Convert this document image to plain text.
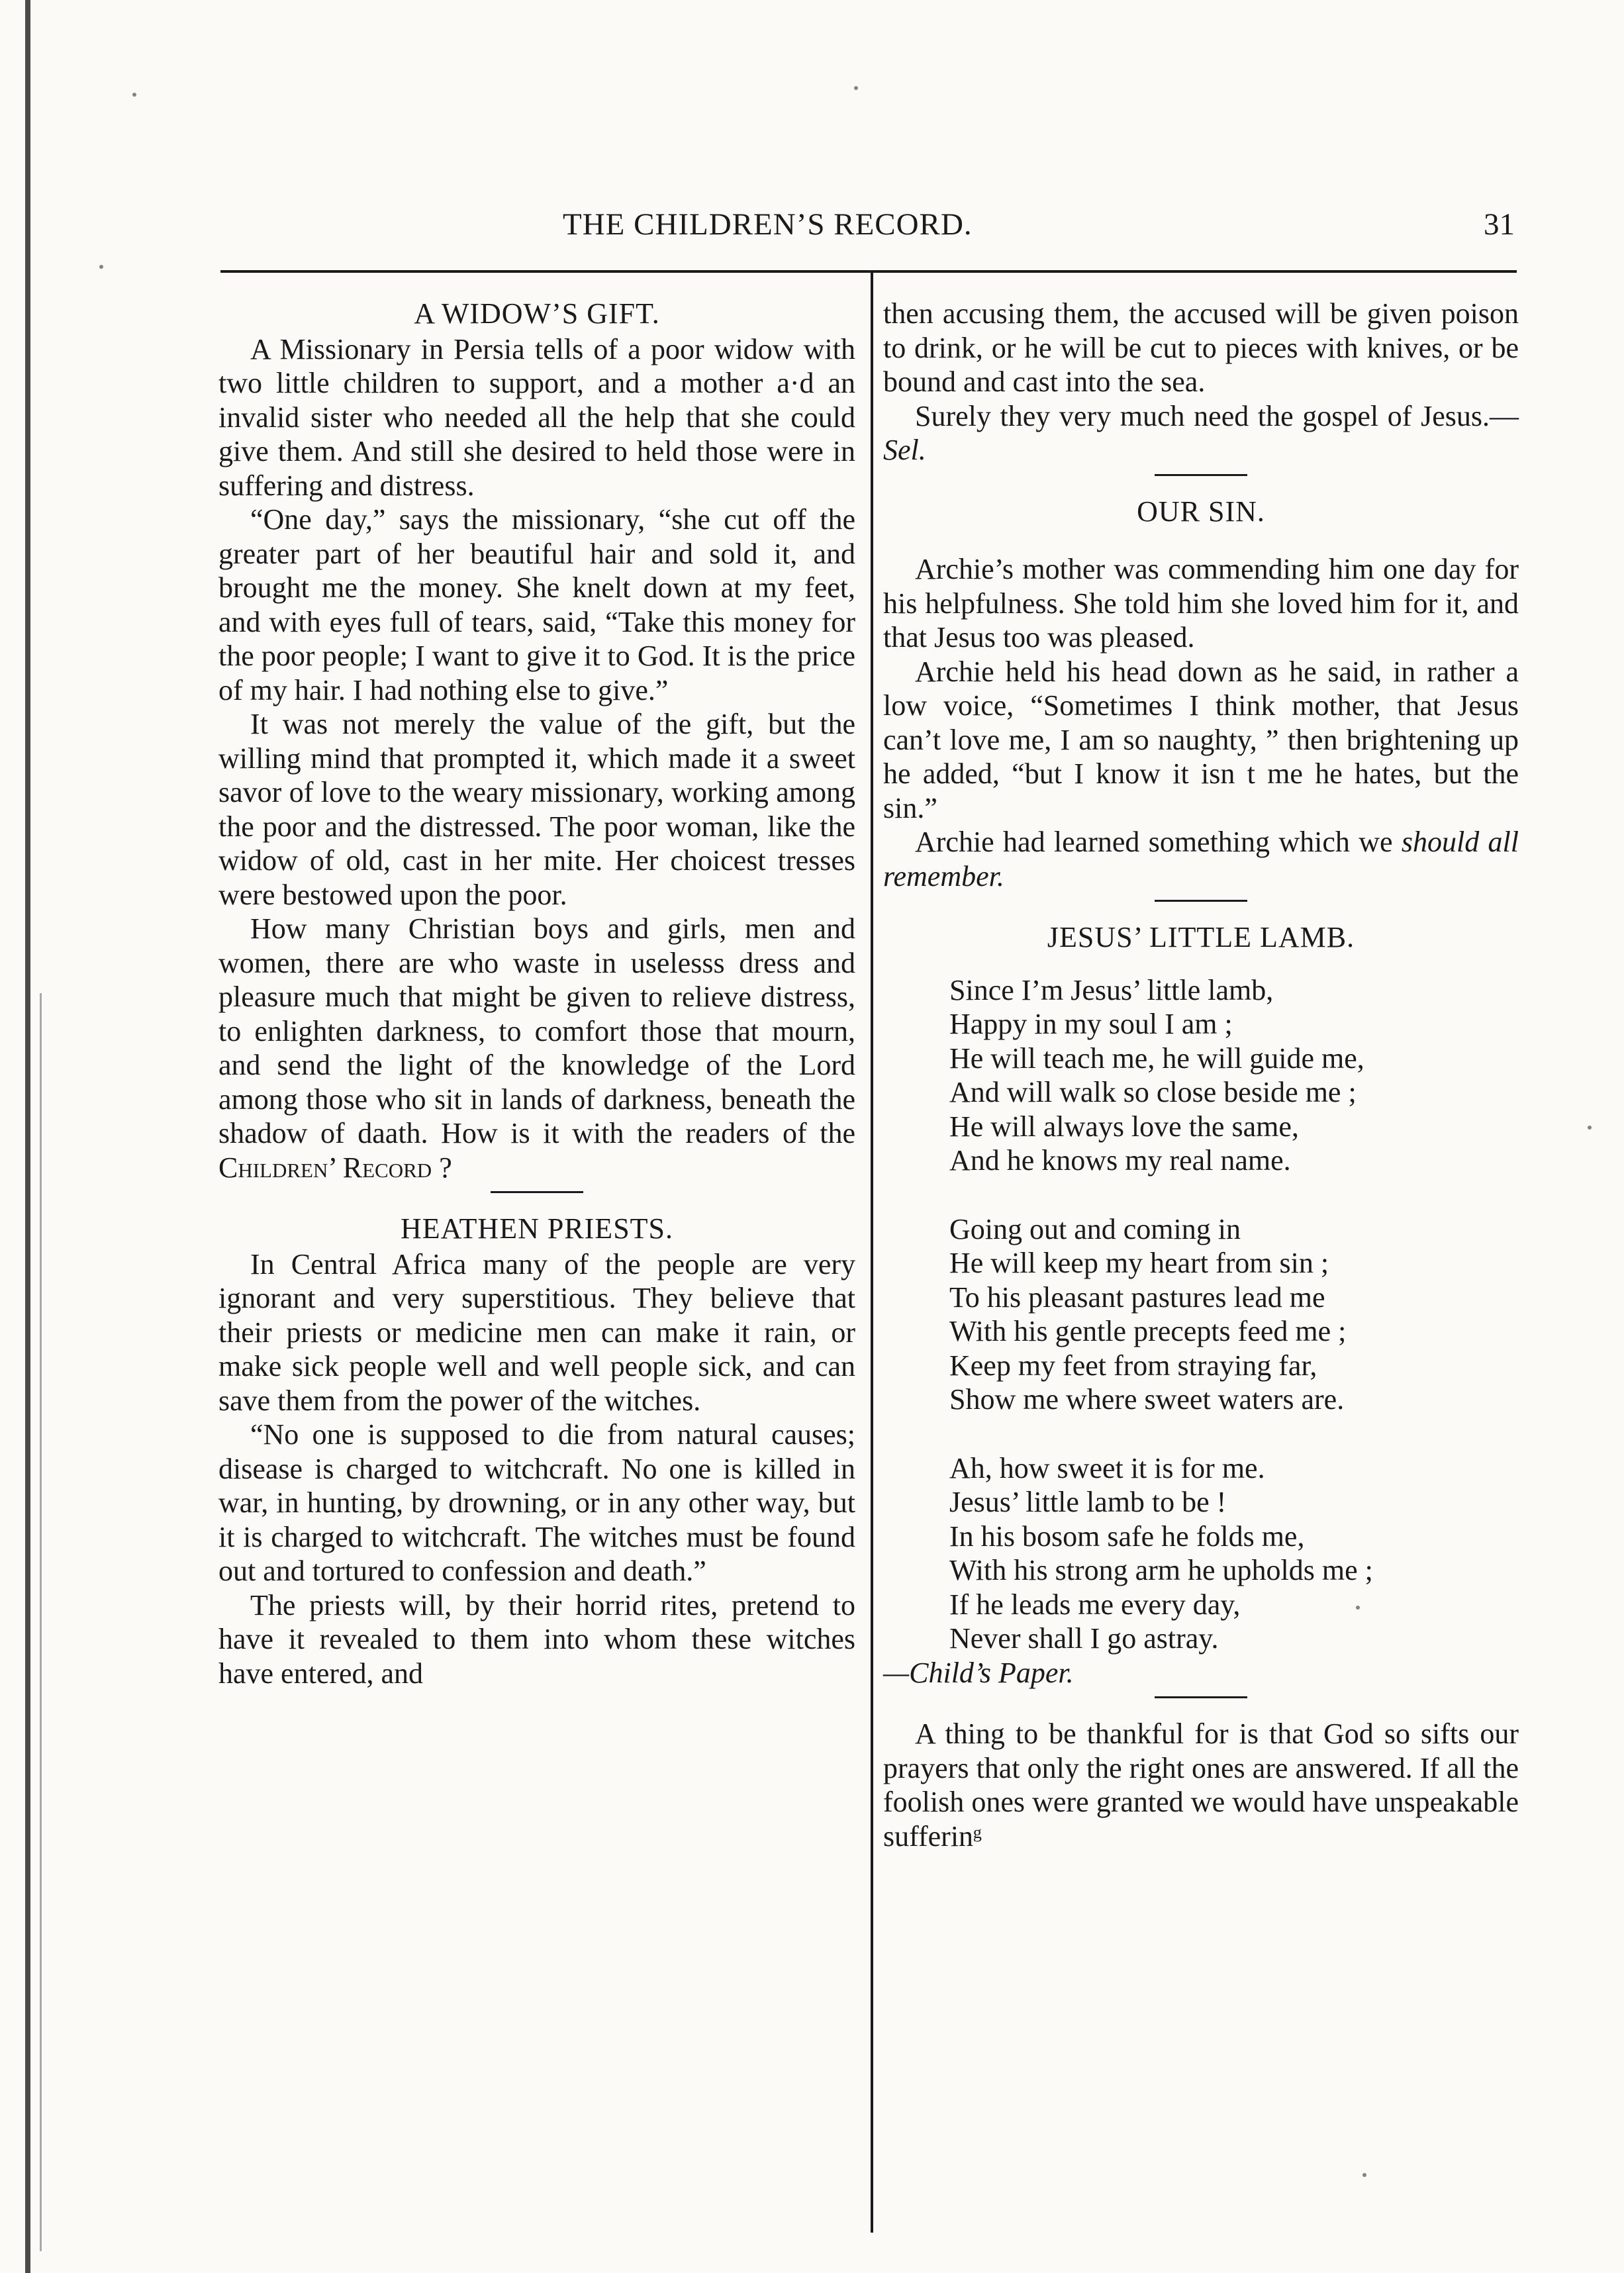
THE CHILDREN’S RECORD.	31
A WIDOW’S GIFT.

A Missionary in Persia tells of a poor widow with two little children to support, and a mother a·d an invalid sister who needed all the help that she could give them. And still she desired to held those were in suffering and distress.

“One day,” says the missionary, “she cut off the greater part of her beautiful hair and sold it, and brought me the money. She knelt down at my feet, and with eyes full of tears, said, “Take this money for the poor people; I want to give it to God. It is the price of my hair. I had nothing else to give.”

It was not merely the value of the gift, but the willing mind that prompted it, which made it a sweet savor of love to the weary missionary, working among the poor and the distressed. The poor woman, like the widow of old, cast in her mite. Her choicest tresses were bestowed upon the poor.

How many Christian boys and girls, men and women, there are who waste in uselesss dress and pleasure much that might be given to relieve distress, to enlighten darkness, to comfort those that mourn, and send the light of the knowledge of the Lord among those who sit in lands of darkness, beneath the shadow of daath. How is it with the readers of the Children’ Record ?

HEATHEN PRIESTS.

In Central Africa many of the people are very ignorant and very superstitious. They believe that their priests or medicine men can make it rain, or make sick people well and well people sick, and can save them from the power of the witches.

“No one is supposed to die from natural causes; disease is charged to witchcraft. No one is killed in war, in hunting, by drowning, or in any other way, but it is charged to witchcraft. The witches must be found out and tortured to confession and death.”

The priests will, by their horrid rites, pretend to have it revealed to them into whom these witches have entered, and

then accusing them, the accused will be given poison to drink, or he will be cut to pieces with knives, or be bound and cast into the sea.

Surely they very much need the gospel of Jesus.—Sel.

OUR SIN.

Archie’s mother was commending him one day for his helpfulness. She told him she loved him for it, and that Jesus too was pleased.

Archie held his head down as he said, in rather a low voice, “Sometimes I think mother, that Jesus can’t love me, I am so naughty, ” then brightening up he added, “but I know it isn t me he hates, but the sin.”

Archie had learned something which we should all remember.

JESUS’ LITTLE LAMB.
Since I’m Jesus’ little lamb,
Happy in my soul I am ;
He will teach me, he will guide me,
And will walk so close beside me ;
He will always love the same,
And he knows my real name.
Going out and coming in
He will keep my heart from sin ;
To his pleasant pastures lead me
With his gentle precepts feed me ;
Keep my feet from straying far,
Show me where sweet waters are.
Ah, how sweet it is for me.
Jesus’ little lamb to be !
In his bosom safe he folds me,
With his strong arm he upholds me ;
If he leads me every day,
Never shall I go astray.

—Child’s Paper.

A thing to be thankful for is that God so sifts our prayers that only the right ones are answered. If all the foolish ones were granted we would have unspeakable sufferinᵍ
